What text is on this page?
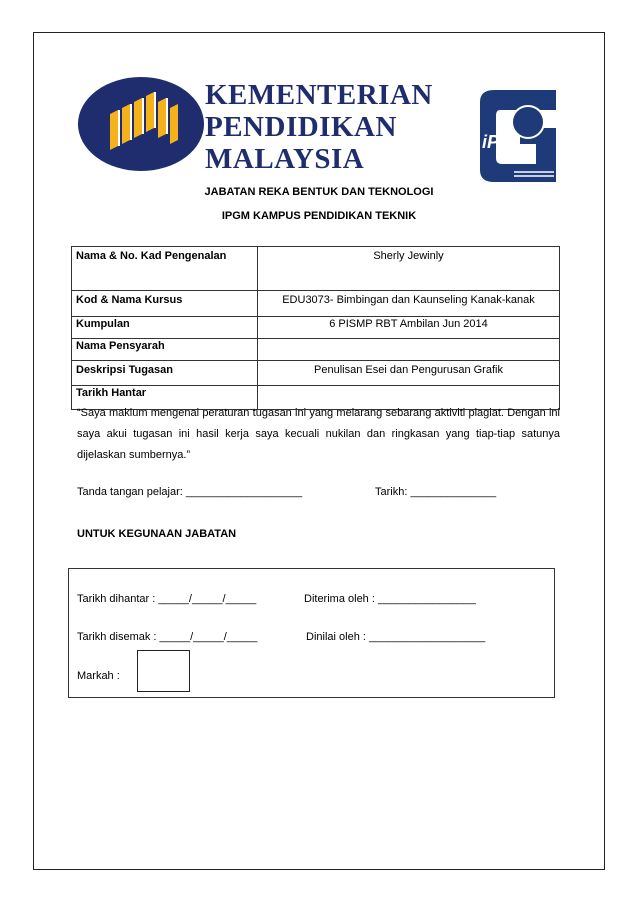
KEMENTERIAN
PENDIDIKAN
MALAYSIA
iPG
JABATAN REKA BENTUK DAN TEKNOLOGI
IPGM KAMPUS PENDIDIKAN TEKNIK
Nama & No. Kad Pengenalan	Sherly Jewinly
Kod & Nama Kursus	EDU3073- Bimbingan dan Kaunseling Kanak-kanak
Kumpulan	6 PISMP RBT Ambilan Jun 2014
Nama Pensyarah	
Deskripsi Tugasan	Penulisan Esei dan Pengurusan Grafik
Tarikh Hantar	
“Saya maklum mengenai peraturan tugasan ini yang melarang sebarang aktiviti plagiat. Dengan ini saya akui tugasan ini hasil kerja saya kecuali nukilan dan ringkasan yang tiap-tiap satunya dijelaskan sumbernya.”
Tanda tangan pelajar: ___________________	Tarikh: ______________
UNTUK KEGUNAAN JABATAN
Tarikh dihantar : _____/_____/_____	Diterima oleh : ________________
Tarikh disemak : _____/_____/_____	Dinilai oleh : ___________________
Markah :
